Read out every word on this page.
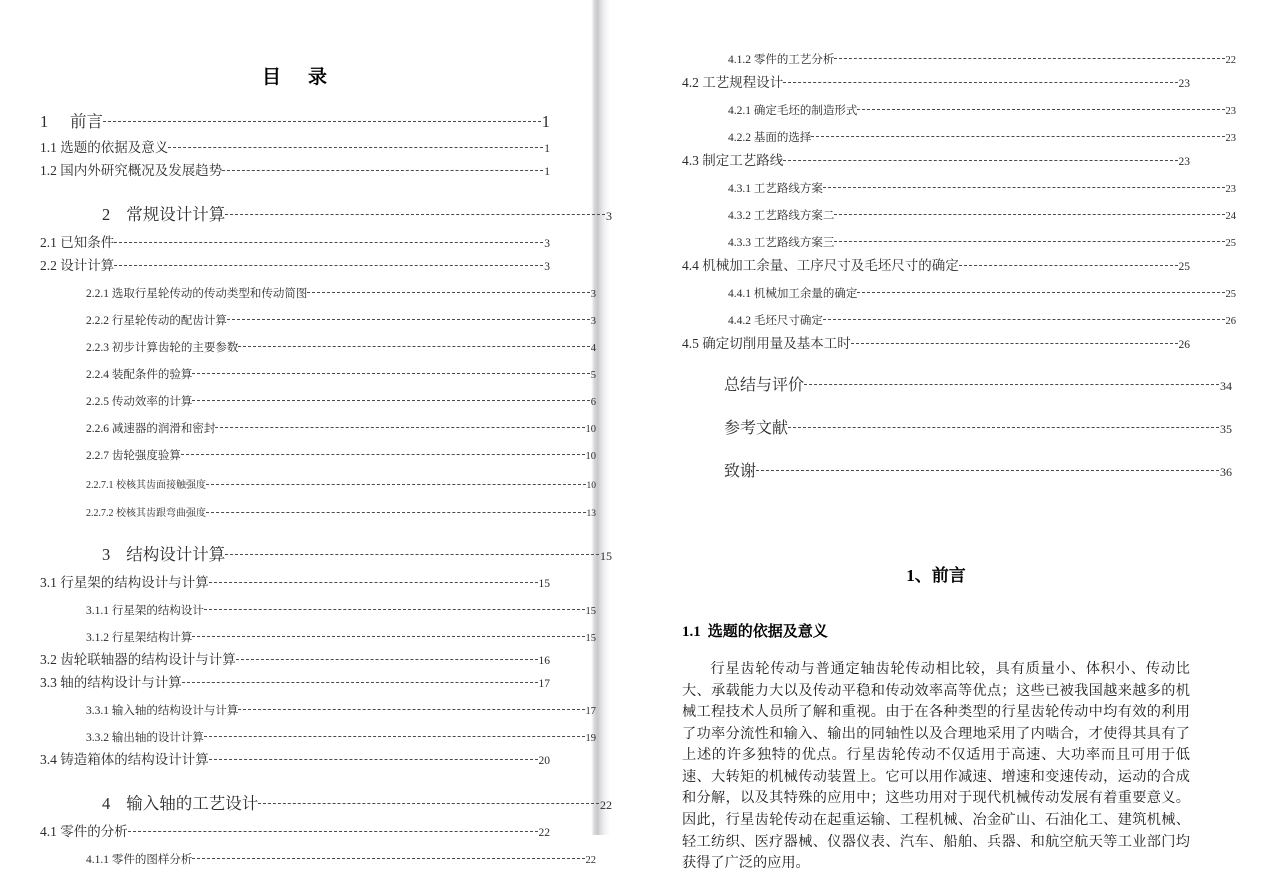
目 录
1 前言	1
1.1 选题的依据及意义	1
1.2 国内外研究概况及发展趋势	1
2 常规设计计算	3
2.1 已知条件	3
2.2 设计计算	3
2.2.1 选取行星轮传动的传动类型和传动简图	3
2.2.2 行星轮传动的配齿计算	3
2.2.3 初步计算齿轮的主要参数	4
2.2.4 装配条件的验算	5
2.2.5 传动效率的计算	6
2.2.6 减速器的润滑和密封	10
2.2.7 齿轮强度验算	10
2.2.7.1 校核其齿面接触强度	10
2.2.7.2 校核其齿跟弯曲强度	13
3 结构设计计算	15
3.1 行星架的结构设计与计算	15
3.1.1 行星架的结构设计	15
3.1.2 行星架结构计算	15
3.2 齿轮联轴器的结构设计与计算	16
3.3 轴的结构设计与计算	17
3.3.1 输入轴的结构设计与计算	17
3.3.2 输出轴的设计计算	19
3.4 铸造箱体的结构设计计算	20
4 输入轴的工艺设计	22
4.1 零件的分析	22
4.1.1 零件的图样分析	22
4.1.2 零件的工艺分析	22
4.2 工艺规程设计	23
4.2.1 确定毛坯的制造形式	23
4.2.2 基面的选择	23
4.3 制定工艺路线	23
4.3.1 工艺路线方案	23
4.3.2 工艺路线方案二	24
4.3.3 工艺路线方案三	25
4.4 机械加工余量、工序尺寸及毛坯尺寸的确定	25
4.4.1 机械加工余量的确定	25
4.4.2 毛坯尺寸确定	26
4.5 确定切削用量及基本工时	26
总结与评价	34
参考文献	35
致谢	36
1、前言
1.1 选题的依据及意义
行星齿轮传动与普通定轴齿轮传动相比较，具有质量小、体积小、传动比大、承载能力大以及传动平稳和传动效率高等优点；这些已被我国越来越多的机械工程技术人员所了解和重视。由于在各种类型的行星齿轮传动中均有效的利用了功率分流性和输入、输出的同轴性以及合理地采用了内啮合，才使得其具有了上述的许多独特的优点。行星齿轮传动不仅适用于高速、大功率而且可用于低速、大转矩的机械传动装置上。它可以用作减速、增速和变速传动，运动的合成和分解，以及其特殊的应用中；这些功用对于现代机械传动发展有着重要意义。因此，行星齿轮传动在起重运输、工程机械、冶金矿山、石油化工、建筑机械、轻工纺织、医疗器械、仪器仪表、汽车、船舶、兵器、和航空航天等工业部门均获得了广泛的应用。
